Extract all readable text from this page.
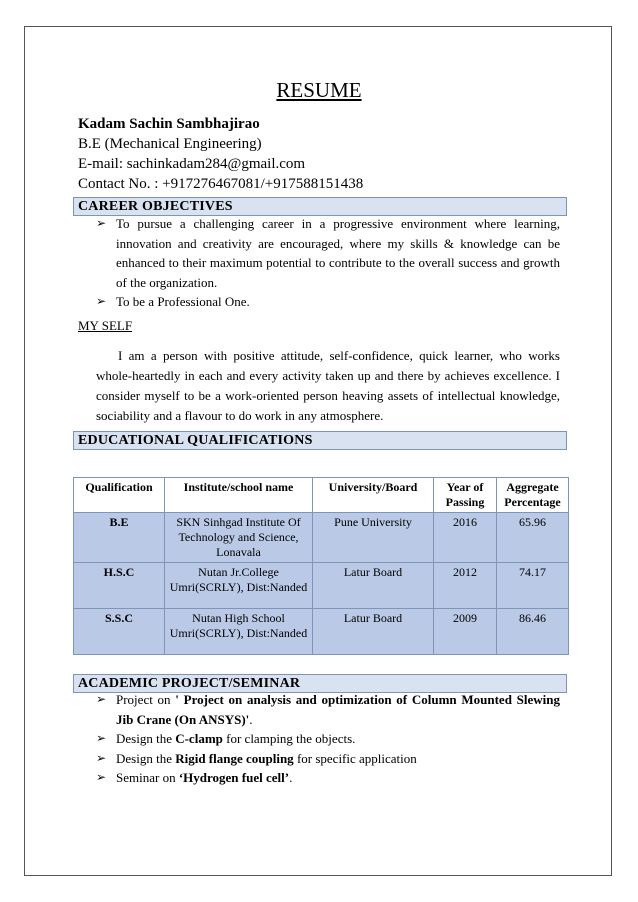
RESUME
Kadam Sachin Sambhajirao
B.E (Mechanical Engineering)
E-mail: sachinkadam284@gmail.com
Contact No. : +917276467081/+917588151438
CAREER OBJECTIVES
➢ To pursue a challenging career in a progressive environment where learning, innovation and creativity are encouraged, where my skills & knowledge can be enhanced to their maximum potential to contribute to the overall success and growth of the organization.
➢ To be a Professional One.
MY SELF
I am a person with positive attitude, self-confidence, quick learner, who works whole-heartedly in each and every activity taken up and there by achieves excellence. I consider myself to be a work-oriented person heaving assets of intellectual knowledge, sociability and a flavour to do work in any atmosphere.
EDUCATIONAL QUALIFICATIONS
Qualification	Institute/school name	University/Board	Year of Passing	Aggregate Percentage
B.E	SKN Sinhgad Institute Of Technology and Science, Lonavala	Pune University	2016	65.96
H.S.C	Nutan Jr.College Umri(SCRLY), Dist:Nanded	Latur Board	2012	74.17
S.S.C	Nutan High School Umri(SCRLY), Dist:Nanded	Latur Board	2009	86.46
ACADEMIC PROJECT/SEMINAR
➢ Project on ' Project on analysis and optimization of Column Mounted Slewing Jib Crane (On ANSYS)'.
➢ Design the C-clamp for clamping the objects.
➢ Design the Rigid flange coupling for specific application
➢ Seminar on ‘Hydrogen fuel cell’.
